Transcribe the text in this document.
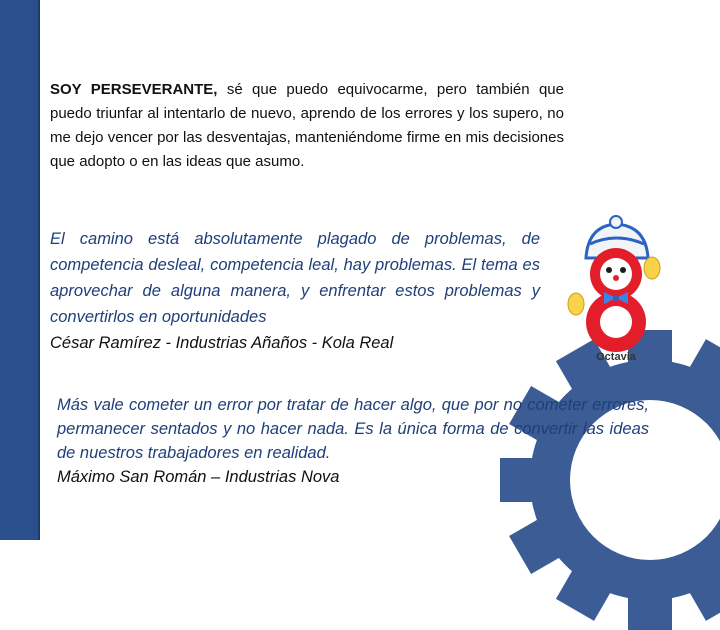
SOY PERSEVERANTE, sé que puedo equivocarme, pero también que puedo triunfar al intentarlo de nuevo, aprendo de los errores y los supero, no me dejo vencer por las desventajas, manteniéndome firme en mis decisiones que adopto o en las ideas que asumo.
El camino está absolutamente plagado de problemas, de competencia desleal, competencia leal, hay problemas. El tema es aprovechar de alguna manera, y enfrentar estos problemas y convertirlos en oportunidades
César Ramírez - Industrias Añaños - Kola Real
Octavia
Más vale cometer un error por tratar de hacer algo, que por no cometer errores, permanecer sentados y no hacer nada. Es la única forma de convertir las ideas de nuestros trabajadores en realidad.
Máximo San Román – Industrias Nova
